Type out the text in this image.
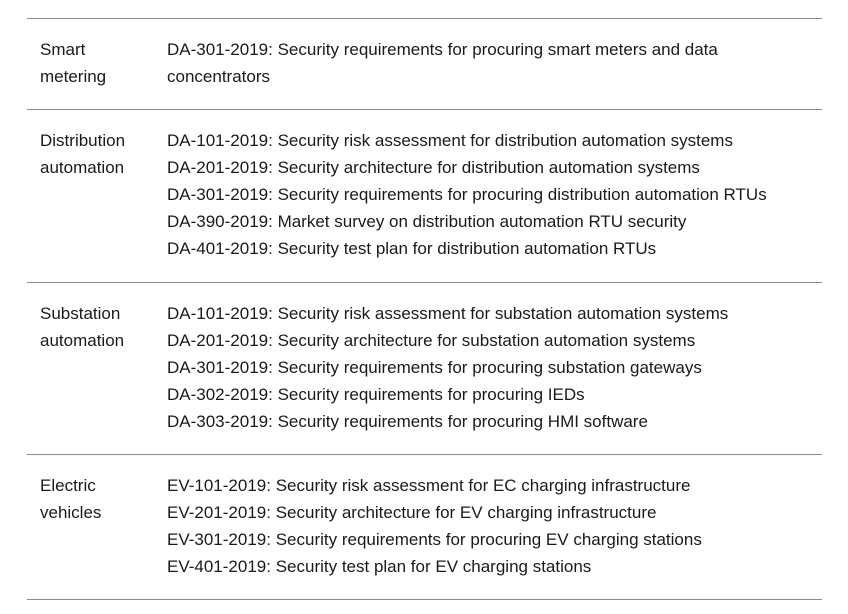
Smart
metering
DA-301-2019: Security requirements for procuring smart meters and data concentrators
Distribution
automation
DA-101-2019: Security risk assessment for distribution automation systems
DA-201-2019: Security architecture for distribution automation systems
DA-301-2019: Security requirements for procuring distribution automation RTUs
DA-390-2019: Market survey on distribution automation RTU security
DA-401-2019: Security test plan for distribution automation RTUs
Substation
automation
DA-101-2019: Security risk assessment for substation automation systems
DA-201-2019: Security architecture for substation automation systems
DA-301-2019: Security requirements for procuring substation gateways
DA-302-2019: Security requirements for procuring IEDs
DA-303-2019: Security requirements for procuring HMI software
Electric
vehicles
EV-101-2019: Security risk assessment for EC charging infrastructure
EV-201-2019: Security architecture for EV charging infrastructure
EV-301-2019: Security requirements for procuring EV charging stations
EV-401-2019: Security test plan for EV charging stations
